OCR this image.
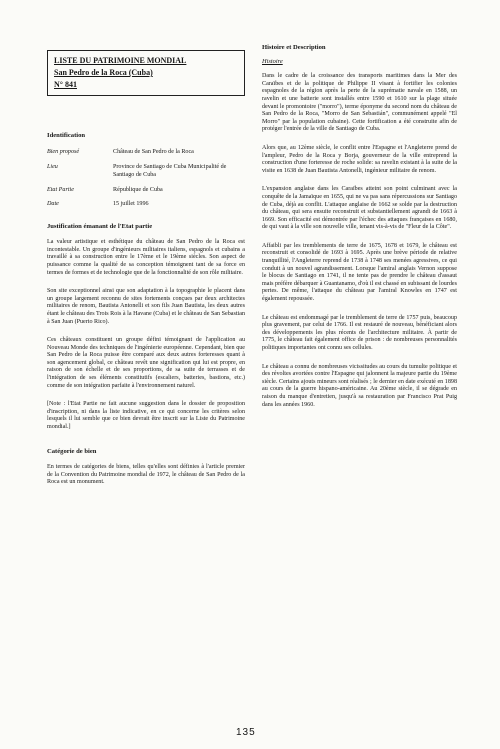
LISTE DU PATRIMOINE MONDIAL
San Pedro de la Roca (Cuba)
N° 841
Identification
Bien proposé	Château de San Pedro de la Roca
Lieu	Province de Santiago de Cuba Municipalité de Santiago de Cuba
Etat Partie	République de Cuba
Date	15 juillet 1996
Justification émanant de l'Etat partie

La valeur artistique et esthétique du château de San Pedro de la Roca est incontestable. Un groupe d'ingénieurs militaires italiens, espagnols et cubains a travaillé à sa construction entre le 17ème et le 19ème siècles. Son aspect de puissance comme la qualité de sa conception témoignent tant de sa force en termes de formes et de technologie que de la fonctionnalité de son rôle militaire.

Son site exceptionnel ainsi que son adaptation à la topographie le placent dans un groupe largement reconnu de sites fortements conçues par deux architectes militaires de renom, Bautista Antonelli et son fils Juan Bautista, les deux autres étant le château des Trois Rois à la Havane (Cuba) et le château de San Sebastian à San Juan (Puerto Rico).

Ces châteaux constituent un groupe défini témoignant de l'application au Nouveau Monde des techniques de l'ingénierie européenne. Cependant, bien que San Pedro de la Roca puisse être comparé aux deux autres forteresses quant à son agencement global, ce château revêt une signification qui lui est propre, en raison de son échelle et de ses proportions, de sa suite de terrasses et de l'intégration de ses éléments constitutifs (escaliers, batteries, bastions, etc.) comme de son intégration parfaite à l'environnement naturel.

[Note : l'Etat Partie ne fait aucune suggestion dans le dossier de proposition d'inscription, ni dans la liste indicative, en ce qui concerne les critères selon lesquels il lui semble que ce bien devrait être inscrit sur la Liste du Patrimoine mondial.]

Catégorie de bien

En termes de catégories de biens, telles qu'elles sont définies à l'article premier de la Convention du Patrimoine mondial de 1972, le château de San Pedro de la Roca est un monument.

Histoire et Description
Histoire

Dans le cadre de la croissance des transports maritimes dans la Mer des Caraïbes et de la politique de Philippe II visant à fortifier les colonies espagnoles de la région après la perte de la suprématie navale en 1588, un ravelin et une batterie sont installés entre 1590 et 1610 sur la plage située devant le promontoire ("morro"), terme éponyme du second nom du château de San Pedro de la Roca, "Morro de San Sebastián", communément appelé "El Morro" par la population cubaine). Cette fortification a été construite afin de protéger l'entrée de la ville de Santiago de Cuba.

Alors que, au 12ème siècle, le conflit entre l'Espagne et l'Angleterre prend de l'ampleur, Pedro de la Roca y Borja, gouverneur de la ville entreprend la construction d'une forteresse de roche solide: sa ravelin existant à la suite de la visite en 1638 de Juan Bautista Antonelli, ingénieur militaire de renom.

L'expansion anglaise dans les Caraïbes atteint son point culminant avec la conquête de la Jamaïque en 1655, qui ne va pas sans répercussions sur Santiago de Cuba, déjà au conflit. L'attaque anglaise de 1662 se solde par la destruction du château, qui sera ensuite reconstruit et substantiellement agrandi de 1663 à 1669. Son efficacité est démontrée par l'échec des attaques françaises en 1680, de qui vaut à la ville son nouvelle ville, tenant vis-à-vis de "Fleur de la Côte".

Affaibli par les tremblements de terre de 1675, 1678 et 1679, le château est reconstruit et consolidé de 1693 à 1695. Après une brève période de relative tranquillité, l'Angleterre reprend de 1738 à 1748 ses menées agressives, ce qui conduit à un nouvel agrandissement. Lorsque l'amiral anglais Vernon suppose le blocus de Santiago en 1741, il ne tente pas de prendre le château d'assaut mais préfère débarquer à Guantanamo, d'où il est chassé en subissant de lourdes pertes. De même, l'attaque du château par l'amiral Knowles en 1747 est également repoussée.

Le château est endommagé par le tremblement de terre de 1757 puis, beaucoup plus gravement, par celui de 1766. Il est restauré de nouveau, bénéficiant alors des développements les plus récents de l'architecture militaire. À partir de 1775, le château fait également office de prison : de nombreuses personnalités politiques importantes ont connu ses cellules.

Le château a connu de nombreuses vicissitudes au cours du tumulte politique et des révoltes avortées contre l'Espagne qui jalonnent la majeure partie du 19ème siècle. Certains ajouts mineurs sont réalisés ; le dernier en date exécuté en 1898 au cours de la guerre hispano-américaine. Au 20ème siècle, il se dégrade en raison du manque d'entretien, jusqu'à sa restauration par Francisco Prat Puig dans les années 1960.

135
